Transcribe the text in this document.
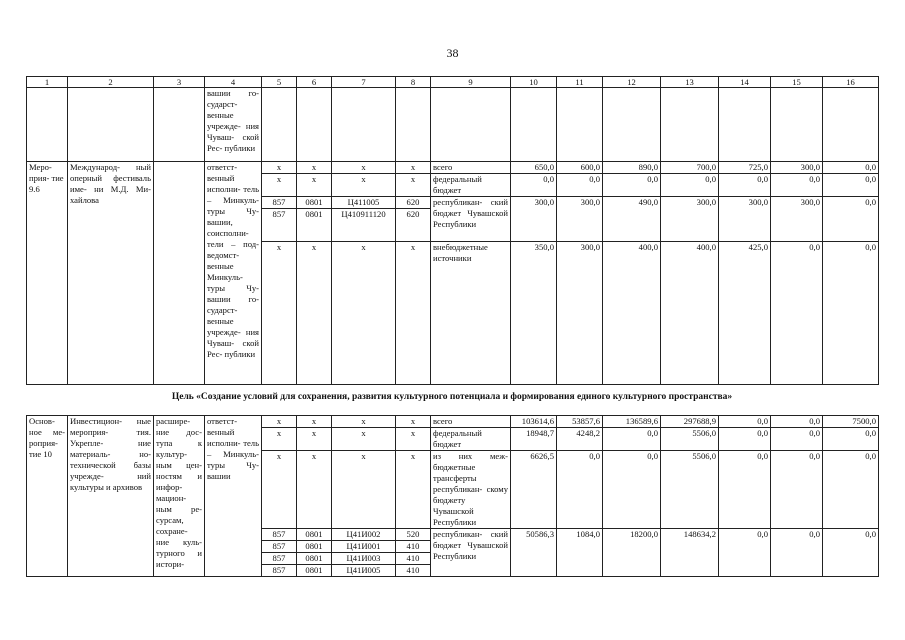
38
1	2	3	4	5	6	7	8	9	10	11	12	13	14	15	16
			вашии го- сударст- венные учрежде- ния Чуваш- ской Рес- публики												
Меро- прия- тие 9.6	Международ- ный оперный фестиваль име- ни М.Д. Ми- хайлова		ответст- венный исполни- тель – Минкуль- туры Чу- вашии, соисполни- тели – под- ведомст- венные Минкуль- туры Чу- вашии го- сударст- венные учрежде- ния Чуваш- ской Рес- публики	x	x	x	x	всего	650,0	600,0	890,0	700,0	725,0	300,0	0,0
				x	x	x	x	федеральный бюджет	0,0	0,0	0,0	0,0	0,0	0,0	0,0
				857	0801	Ц411005	620	республикан- ский бюджет Чувашской Республики	300,0	300,0	490,0	300,0	300,0	300,0	0,0
				857	0801	Ц410911120	620								
				x	x	x	x	внебюджетные источники	350,0	300,0	400,0	400,0	425,0	0,0	0,0
Цель «Создание условий для сохранения, развития культурного потенциала и формирования единого культурного пространства»
Основ- ное ме- роприя- тие 10	Инвестицион- ные мероприя- тия. Укрепле- ние материаль- но-технической базы учрежде- ний культуры и архивов	расшире- ние дос- тупа к культур- ным цен- ностям и инфор- мацион- ным ре- сурсам, сохране- ние куль- турного и истори-	ответст- венный исполни- тель – Минкуль- туры Чу- вашии	x	x	x	x	всего	103614,6	53857,6	136589,6	297688,9	0,0	0,0	7500,0
				x	x	x	x	федеральный бюджет	18948,7	4248,2	0,0	5506,0	0,0	0,0	0,0
				x	x	x	x	из них меж- бюджетные трансферты республикан- скому бюджету Чувашской Республики	6626,5	0,0	0,0	5506,0	0,0	0,0	0,0
				857	0801	Ц41И002	520	республикан- ский бюджет Чувашской Республики	50586,3	1084,0	18200,0	148634,2	0,0	0,0	0,0
				857	0801	Ц41И001	410								
				857	0801	Ц41И003	410								
				857	0801	Ц41И005	410								
